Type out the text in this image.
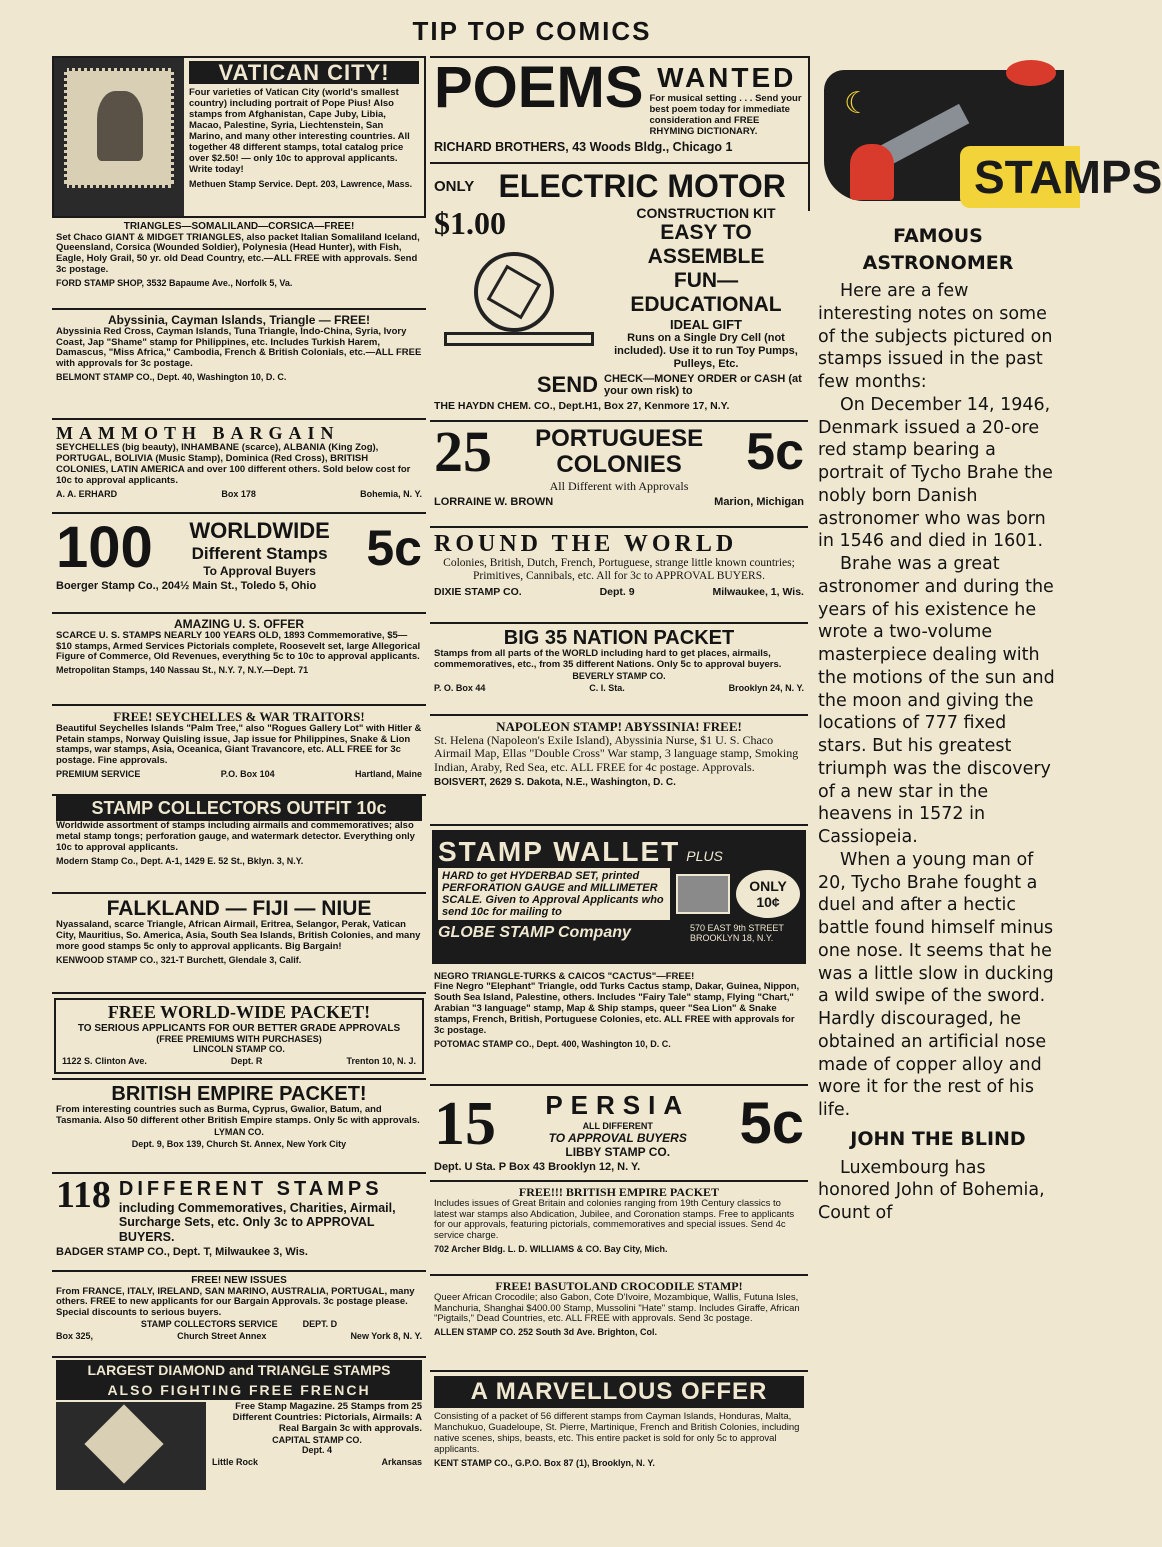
TIP TOP COMICS
VATICAN CITY!
Four varieties of Vatican City (world's smallest country) including portrait of Pope Pius! Also stamps from Afghanistan, Cape Juby, Libia, Macao, Palestine, Syria, Liechtenstein, San Marino, and many other interesting countries. All together 48 different stamps, total catalog price over $2.50! — only 10c to approval applicants. Write today!
Methuen Stamp Service. Dept. 203, Lawrence, Mass.
TRIANGLES—SOMALILAND—CORSICA—FREE!
Set Chaco GIANT & MIDGET TRIANGLES, also packet Italian Somaliland Iceland, Queensland, Corsica (Wounded Soldier), Polynesia (Head Hunter), with Fish, Eagle, Holy Grail, 50 yr. old Dead Country, etc.—ALL FREE with approvals. Send 3c postage.
FORD STAMP SHOP, 3532 Bapaume Ave., Norfolk 5, Va.
Abyssinia, Cayman Islands, Triangle — FREE!
Abyssinia Red Cross, Cayman Islands, Tuna Triangle, Indo-China, Syria, Ivory Coast, Jap "Shame" stamp for Philippines, etc. Includes Turkish Harem, Damascus, "Miss Africa," Cambodia, French & British Colonials, etc.—ALL FREE with approvals for 3c postage.
BELMONT STAMP CO., Dept. 40, Washington 10, D. C.
MAMMOTH BARGAIN
SEYCHELLES (big beauty), INHAMBANE (scarce), ALBANIA (King Zog), PORTUGAL, BOLIVIA (Music Stamp), Dominica (Red Cross), BRITISH COLONIES, LATIN AMERICA and over 100 different others. Sold below cost for 10c to approval applicants.
A. A. ERHARD	Box 178	Bohemia, N. Y.
100	WORLDWIDE
Different Stamps
To Approval Buyers	5c
Boerger Stamp Co., 204½ Main St., Toledo 5, Ohio
AMAZING U. S. OFFER
SCARCE U. S. STAMPS NEARLY 100 YEARS OLD, 1893 Commemorative, $5—$10 stamps, Armed Services Pictorials complete, Roosevelt set, large Allegorical Figure of Commerce, Old Revenues, everything 5c to 10c to approval applicants.
Metropolitan Stamps, 140 Nassau St., N.Y. 7, N.Y.—Dept. 71
FREE! SEYCHELLES & WAR TRAITORS!
Beautiful Seychelles Islands "Palm Tree," also "Rogues Gallery Lot" with Hitler & Petain stamps, Norway Quisling issue, Jap issue for Philippines, Snake & Lion stamps, war stamps, Asia, Oceanica, Giant Travancore, etc. ALL FREE for 3c postage. Fine approvals.
PREMIUM SERVICE	P.O. Box 104	Hartland, Maine
STAMP COLLECTORS OUTFIT 10c
Worldwide assortment of stamps including airmails and commemoratives; also metal stamp tongs; perforation gauge, and watermark detector. Everything only 10c to approval applicants.
Modern Stamp Co., Dept. A-1, 1429 E. 52 St., Bklyn. 3, N.Y.
FALKLAND — FIJI — NIUE
Nyassaland, scarce Triangle, African Airmail, Eritrea, Selangor, Perak, Vatican City, Mauritius, So. America, Asia, South Sea Islands, British Colonies, and many more good stamps 5c only to approval applicants. Big Bargain!
KENWOOD STAMP CO., 321-T Burchett, Glendale 3, Calif.
FREE WORLD-WIDE PACKET!
TO SERIOUS APPLICANTS FOR OUR BETTER GRADE APPROVALS
(FREE PREMIUMS WITH PURCHASES)
LINCOLN STAMP CO.
1122 S. Clinton Ave.	Dept. R	Trenton 10, N. J.
BRITISH EMPIRE PACKET!
From interesting countries such as Burma, Cyprus, Gwalior, Batum, and Tasmania. Also 50 different other British Empire stamps. Only 5c with approvals.
LYMAN CO.
Dept. 9, Box 139, Church St. Annex, New York City
118 DIFFERENT STAMPS
including Commemoratives, Charities, Airmail, Surcharge Sets, etc. Only 3c to APPROVAL BUYERS.
BADGER STAMP CO., Dept. T, Milwaukee 3, Wis.
FREE! NEW ISSUES
From FRANCE, ITALY, IRELAND, SAN MARINO, AUSTRALIA, PORTUGAL, many others. FREE to new applicants for our Bargain Approvals. 3c postage please. Special discounts to serious buyers.
STAMP COLLECTORS SERVICE          DEPT. D
Box 325,	Church Street Annex	New York 8, N. Y.
LARGEST DIAMOND and TRIANGLE STAMPS
ALSO FIGHTING FREE FRENCH
Free Stamp Magazine. 25 Stamps from 25 Different Countries: Pictorials, Airmails: A Real Bargain 3c with approvals.
CAPITAL STAMP CO.
Dept. 4
Little Rock	Arkansas
POEMS WANTED
For musical setting . . . Send your best poem today for immediate consideration and FREE RHYMING DICTIONARY.
RICHARD BROTHERS, 43 Woods Bldg., Chicago 1
ONLY ELECTRIC MOTOR
$1.00	CONSTRUCTION KIT
EASY TO ASSEMBLE
FUN—EDUCATIONAL
IDEAL GIFT
Runs on a Single Dry Cell (not included). Use it to run Toy Pumps, Pulleys, Etc.
SEND CHECK—MONEY ORDER or CASH (at your own risk) to
THE HAYDN CHEM. CO., Dept.H1, Box 27, Kenmore 17, N.Y.
25	PORTUGUESE COLONIES	5c
All Different with Approvals
LORRAINE W. BROWN	Marion, Michigan
ROUND THE WORLD
Colonies, British, Dutch, French, Portuguese, strange little known countries; Primitives, Cannibals, etc. All for 3c to APPROVAL BUYERS.
DIXIE STAMP CO.	Dept. 9	Milwaukee, 1, Wis.
BIG 35 NATION PACKET
Stamps from all parts of the WORLD including hard to get places, airmails, commemoratives, etc., from 35 different Nations. Only 5c to approval buyers.
BEVERLY STAMP CO.
P. O. Box 44	C. I. Sta.	Brooklyn 24, N. Y.
NAPOLEON STAMP! ABYSSINIA! FREE!
St. Helena (Napoleon's Exile Island), Abyssinia Nurse, $1 U. S. Chaco Airmail Map, Ellas "Double Cross" War stamp, 3 language stamp, Smoking Indian, Araby, Red Sea, etc. ALL FREE for 4c postage. Approvals.
BOISVERT, 2629 S. Dakota, N.E., Washington, D. C.
STAMP WALLET PLUS
HARD to get HYDERBAD SET, printed PERFORATION GAUGE and MILLIMETER SCALE. Given to Approval Applicants who send 10c for mailing to
ONLY 10¢
GLOBE STAMP Company	570 EAST 9th STREET BROOKLYN 18, N.Y.
NEGRO TRIANGLE-TURKS & CAICOS "CACTUS"—FREE!
Fine Negro "Elephant" Triangle, odd Turks Cactus stamp, Dakar, Guinea, Nippon, South Sea Island, Palestine, others. Includes "Fairy Tale" stamp, Flying "Chart," Arabian "3 language" stamp, Map & Ship stamps, queer "Sea Lion" & Snake stamps, French, British, Portuguese Colonies, etc. ALL FREE with approvals for 3c postage.
POTOMAC STAMP CO., Dept. 400, Washington 10, D. C.
15	PERSIA
ALL DIFFERENT
TO APPROVAL BUYERS
LIBBY STAMP CO.	5c
Dept. U Sta. P Box 43 Brooklyn 12, N. Y.
FREE!!! BRITISH EMPIRE PACKET
Includes issues of Great Britain and colonies ranging from 19th Century classics to latest war stamps also Abdication, Jubilee, and Coronation stamps. Free to applicants for our approvals, featuring pictorials, commemoratives and special issues. Send 4c service charge.
702 Archer Bldg. L. D. WILLIAMS & CO. Bay City, Mich.
FREE! BASUTOLAND CROCODILE STAMP!
Queer African Crocodile; also Gabon, Cote D'Ivoire, Mozambique, Wallis, Futuna Isles, Manchuria, Shanghai $400.00 Stamp, Mussolini "Hate" stamp. Includes Giraffe, African "Pigtails," Dead Countries, etc. ALL FREE with approvals. Send 3c postage.
ALLEN STAMP CO. 252 South 3d Ave. Brighton, Col.
A MARVELLOUS OFFER
Consisting of a packet of 56 different stamps from Cayman Islands, Honduras, Malta, Manchukuo, Guadeloupe, St. Pierre, Martinique, French and British Colonies, including native scenes, ships, beasts, etc. This entire packet is sold for only 5c to approval applicants.
KENT STAMP CO., G.P.O. Box 87 (1), Brooklyn, N. Y.
☾
STAMPS
FAMOUS ASTRONOMER

Here are a few interesting notes on some of the subjects pictured on stamps issued in the past few months:

On December 14, 1946, Denmark issued a 20-ore red stamp bearing a portrait of Tycho Brahe the nobly born Danish astronomer who was born in 1546 and died in 1601.

Brahe was a great astronomer and during the years of his existence he wrote a two-volume masterpiece dealing with the motions of the sun and the moon and giving the locations of 777 fixed stars. But his greatest triumph was the discovery of a new star in the heavens in 1572 in Cassiopeia.

When a young man of 20, Tycho Brahe fought a duel and after a hectic battle found himself minus one nose. It seems that he was a little slow in ducking a wild swipe of the sword. Hardly discouraged, he obtained an artificial nose made of copper alloy and wore it for the rest of his life.

JOHN THE BLIND

Luxembourg has honored John of Bohemia, Count of
